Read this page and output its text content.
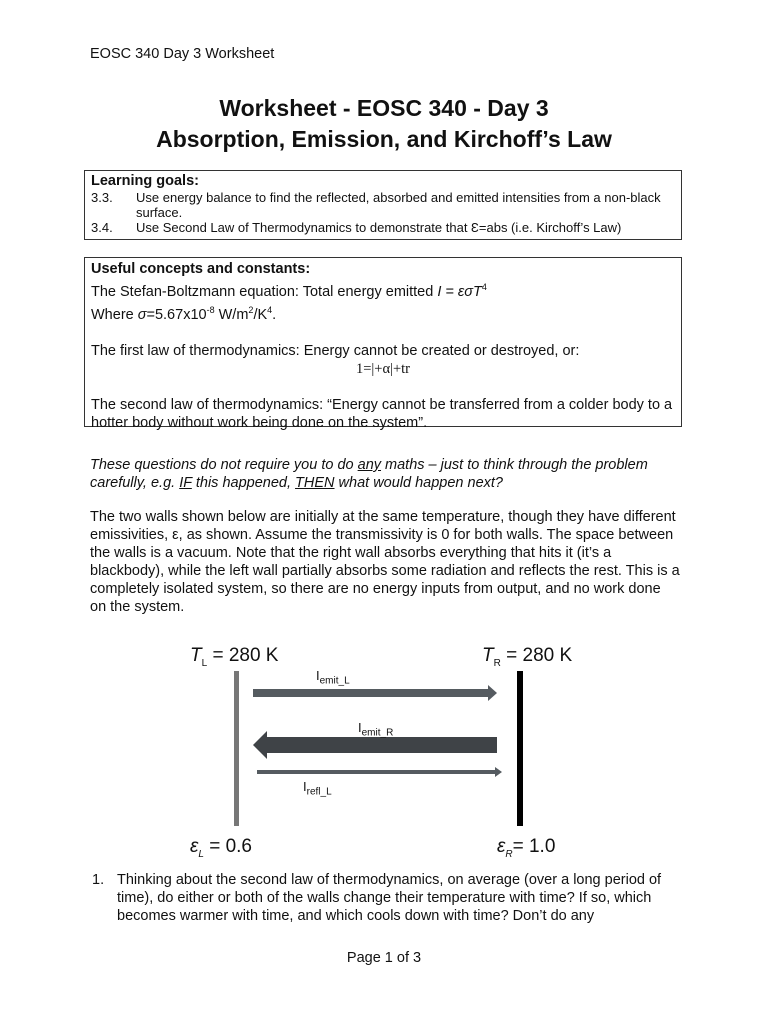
EOSC 340 Day 3 Worksheet
Worksheet - EOSC 340 - Day 3
Absorption, Emission, and Kirchoff’s Law
Learning goals:
3.3.	Use energy balance to find the reflected, absorbed and emitted intensities from a non-black surface.
3.4.	Use Second Law of Thermodynamics to demonstrate that Ɛ=abs (i.e. Kirchoff’s Law)
Useful concepts and constants:
The Stefan-Boltzmann equation: Total energy emitted I = εσT$^4$
Where $\sigma=5.67x10^{-8}$ $W/m^2/K^4$.
The first law of thermodynamics: Energy cannot be created or destroyed, or:
1=|+α|+tr
The second law of thermodynamics: “Energy cannot be transferred from a colder body to a hotter body without work being done on the system”.
These questions do not require you to do any maths – just to think through the problem carefully, e.g. IF this happened, THEN what would happen next?
The two walls shown below are initially at the same temperature, though they have different emissivities, ε, as shown. Assume the transmissivity is 0 for both walls. The space between the walls is a vacuum. Note that the right wall absorbs everything that hits it (it’s a blackbody), while the left wall partially absorbs some radiation and reflects the rest. This is a completely isolated system, so there are no energy inputs from output, and no work done on the system.
$T_L = 280$ K	$T_R = 280$ K
$I_{emit\_L}$
$I_{emit\_R}$
$I_{refl\_L}$
$\varepsilon_L = 0.6$	$\varepsilon_R= 1.0$
1. Thinking about the second law of thermodynamics, on average (over a long period of time), do either or both of the walls change their temperature with time? If so, which becomes warmer with time, and which cools down with time? Don’t do any
Page 1 of 3
